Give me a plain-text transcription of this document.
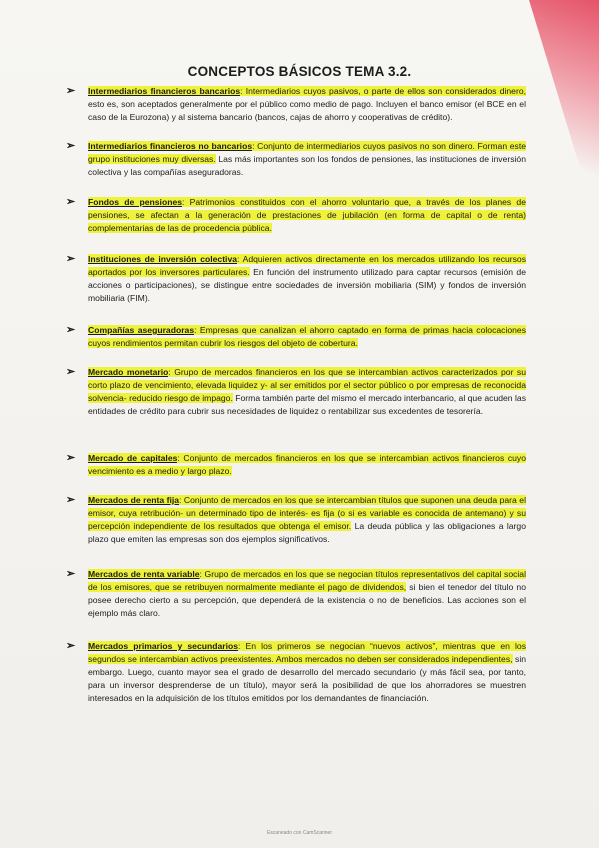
CONCEPTOS BÁSICOS TEMA 3.2.
➢ Intermediarios financieros bancarios: Intermediarios cuyos pasivos, o parte de ellos son considerados dinero, esto es, son aceptados generalmente por el público como medio de pago. Incluyen el banco emisor (el BCE en el caso de la Eurozona) y al sistema bancario (bancos, cajas de ahorro y cooperativas de crédito).
➢ Intermediarios financieros no bancarios: Conjunto de intermediarios cuyos pasivos no son dinero. Forman este grupo instituciones muy diversas. Las más importantes son los fondos de pensiones, las instituciones de inversión colectiva y las compañías aseguradoras.
➢ Fondos de pensiones: Patrimonios constituidos con el ahorro voluntario que, a través de los planes de pensiones, se afectan a la generación de prestaciones de jubilación (en forma de capital o de renta) complementarias de las de procedencia pública.
➢ Instituciones de inversión colectiva: Adquieren activos directamente en los mercados utilizando los recursos aportados por los inversores particulares. En función del instrumento utilizado para captar recursos (emisión de acciones o participaciones), se distingue entre sociedades de inversión mobiliaria (SIM) y fondos de inversión mobiliaria (FIM).
➢ Compañías aseguradoras: Empresas que canalizan el ahorro captado en forma de primas hacia colocaciones cuyos rendimientos permitan cubrir los riesgos del objeto de cobertura.
➢ Mercado monetario: Grupo de mercados financieros en los que se intercambian activos caracterizados por su corto plazo de vencimiento, elevada liquidez y- al ser emitidos por el sector público o por empresas de reconocida solvencia- reducido riesgo de impago. Forma también parte del mismo el mercado interbancario, al que acuden las entidades de crédito para cubrir sus necesidades de liquidez o rentabilizar sus excedentes de tesorería.
➢ Mercado de capitales: Conjunto de mercados financieros en los que se intercambian activos financieros cuyo vencimiento es a medio y largo plazo.
➢ Mercados de renta fija: Conjunto de mercados en los que se intercambian títulos que suponen una deuda para el emisor, cuya retribución- un determinado tipo de interés- es fija (o si es variable es conocida de antemano) y su percepción independiente de los resultados que obtenga el emisor. La deuda pública y las obligaciones a largo plazo que emiten las empresas son dos ejemplos significativos.
➢ Mercados de renta variable: Grupo de mercados en los que se negocian títulos representativos del capital social de los emisores, que se retribuyen normalmente mediante el pago de dividendos, si bien el tenedor del título no posee derecho cierto a su percepción, que dependerá de la existencia o no de beneficios. Las acciones son el ejemplo más claro.
➢ Mercados primarios y secundarios: En los primeros se negocian “nuevos activos”, mientras que en los segundos se intercambian activos preexistentes. Ambos mercados no deben ser considerados independientes, sin embargo. Luego, cuanto mayor sea el grado de desarrollo del mercado secundario (y más fácil sea, por tanto, para un inversor desprenderse de un título), mayor será la posibilidad de que los ahorradores se muestren interesados en la adquisición de los títulos emitidos por los demandantes de financiación.
Escaneado con CamScanner
